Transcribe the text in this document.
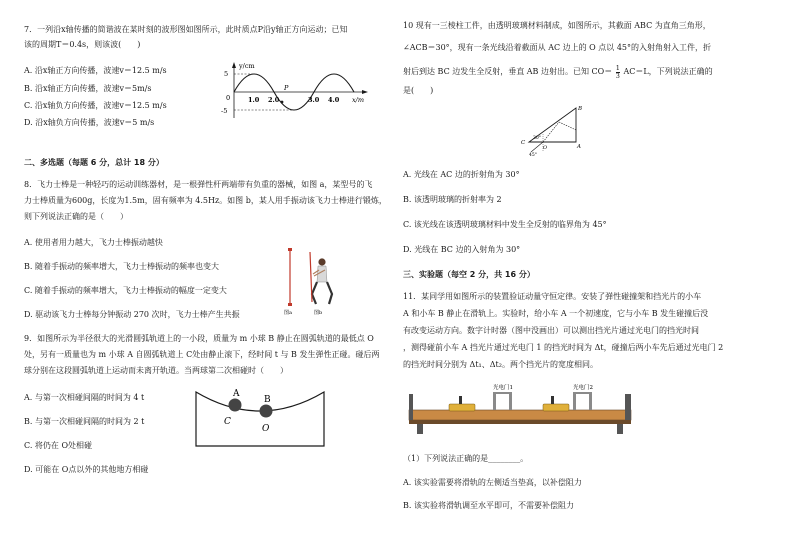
7．一列沿x轴传播的简谐波在某时刻的波形图如图所示，此时质点P沿y轴正方向运动；已知
该的周期T＝0.4s，则该波(　　)
A. 沿x轴正方向传播，波速v＝12.5 m/s
B. 沿x轴正方向传播，波速v＝5m/s
C. 沿x轴负方向传播，波速v＝12.5 m/s
D. 沿x轴负方向传播，波速v＝5 m/s
y/cm
5
-5
0	1.0 2.0	3.0 4.0
P
x/m
二、多选题（每题 6 分，总计 18 分）
8．飞力士棒是一种轻巧的运动训练器材，是一根弹性杆两端带有负重的器械，如图 a，某型号的飞
力士棒质量为600g，长度为1.5m，固有频率为 4.5Hz。如图 b，某人用手振动该飞力士棒进行锻炼，
则下列说法正确的是（　　）
A. 使用者用力越大，飞力士棒振动越快
B. 随着手振动的频率增大，飞力士棒振动的频率也变大
C. 随着手振动的频率增大，飞力士棒振动的幅度一定变大
D. 驱动该飞力士棒每分钟振动 270 次时，飞力士棒产生共振	图a	图b
9．如图所示为半径很大的光滑圆弧轨道上的一小段，质量为 m 小球 B 静止在圆弧轨道的最低点 O
处，另有一质量也为 m 小球 A 自圆弧轨道上 C处由静止滚下，经时间 t 与 B 发生弹性正碰。碰后两
球分别在这段圆弧轨道上运动而未离开轨道。当两球第二次相碰时（　　）
A. 与第一次相碰间隔的时间为 4 t
B. 与第一次相碰间隔的时间为 2 t
C. 将仍在 O处相碰
D. 可能在 O点以外的其他地方相碰
A
B
C
O
10 现有一三棱柱工件，由透明玻璃材料制成，如图所示，其截面 ABC 为直角三角形，
∠ACB＝30°，现有一条光线沿着截面从 AC 边上的 O 点以 45°的入射角射入工件，折
射后到达 BC 边发生全反射，垂直 AB 边射出。已知 $CO= \frac{1}{3} AC=L$，下列说法正确的
是(　　)
B
C
A
O
30°
45°
A. 光线在 AC 边的折射角为 30°
B. 该透明玻璃的折射率为 2
C. 该光线在该透明玻璃材料中发生全反射的临界角为 45°
D. 光线在 BC 边的入射角为 30°
三、实验题（每空 2 分，共 16 分）
11．某同学用如图所示的装置验证动量守恒定律。安装了弹性碰撞架和挡光片的小车
A 和小车 B 静止在滑轨上。实验时，给小车 A 一个初速度，它与小车 B 发生碰撞后没
有改变运动方向。数字计时器（图中没画出）可以测出挡光片通过光电门的挡光时间
，测得碰前小车 A 挡光片通过光电门 1 的挡光时间为 Δt，碰撞后两小车先后通过光电门 2
的挡光时间分别为 Δt₁、Δt₂。两个挡光片的宽度相同。
光电门1	光电门2
（1）下列说法正确的是________。
A. 该实验需要将滑轨的左侧适当垫高，以补偿阻力
B. 该实验将滑轨调至水平即可，不需要补偿阻力
